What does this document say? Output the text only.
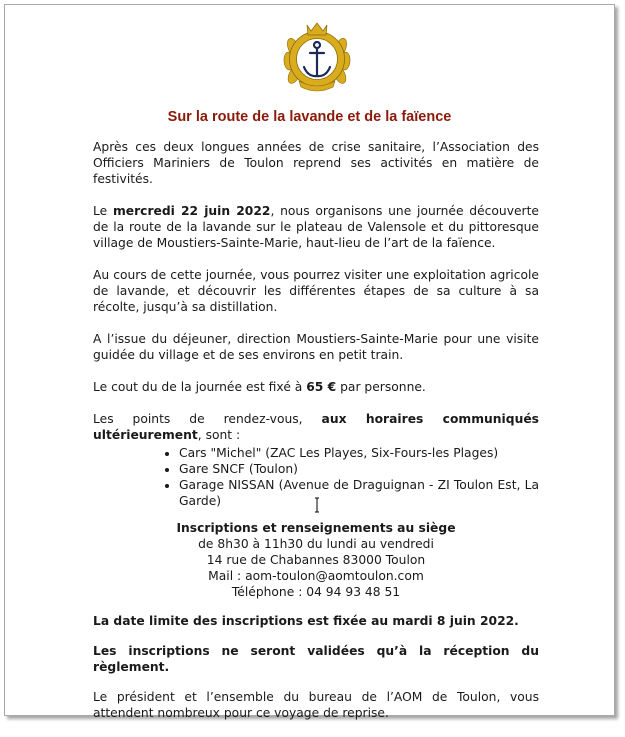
Sur la route de la lavande et de la faïence

Après ces deux longues années de crise sanitaire, l’Association des Officiers Mariniers de Toulon reprend ses activités en matière de festivités.

Le mercredi 22 juin 2022, nous organisons une journée découverte de la route de la lavande sur le plateau de Valensole et du pittoresque village de Moustiers-Sainte-Marie, haut-lieu de l’art de la faïence.

Au cours de cette journée, vous pourrez visiter une exploitation agricole de lavande, et découvrir les différentes étapes de sa culture à sa récolte, jusqu’à sa distillation.

A l’issue du déjeuner, direction Moustiers-Sainte-Marie pour une visite guidée du village et de ses environs en petit train.

Le cout du de la journée est fixé à 65 € par personne.

Les points de rendez-vous, aux horaires communiqués ultérieurement, sont :

• Cars "Michel" (ZAC Les Playes, Six-Fours-les Plages)
• Gare SNCF (Toulon)
• Garage NISSAN (Avenue de Draguignan - ZI Toulon Est, La Garde)
Inscriptions et renseignements au siège
de 8h30 à 11h30 du lundi au vendredi
14 rue de Chabannes 83000 Toulon
Mail : aom-toulon@aomtoulon.com
Téléphone : 04 94 93 48 51
La date limite des inscriptions est fixée au mardi 8 juin 2022.
Les inscriptions ne seront validées qu’à la réception du règlement.

Le président et l’ensemble du bureau de l’AOM de Toulon, vous attendent nombreux pour ce voyage de reprise.
